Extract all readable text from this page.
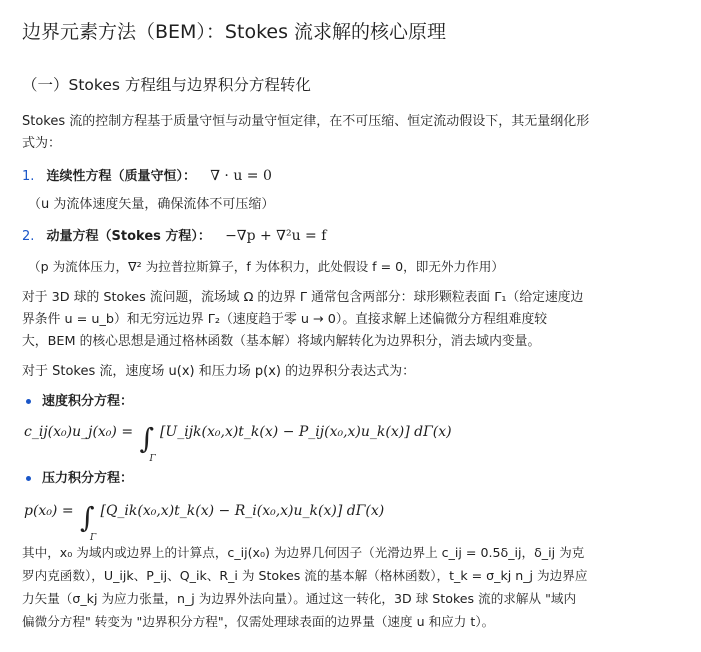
边界元素方法（BEM）：Stokes 流求解的核心原理
（一）Stokes 方程组与边界积分方程转化
Stokes 流的控制方程基于质量守恒与动量守恒定律，在不可压缩、恒定流动假设下，其无量纲化形
式为：
1. 连续性方程（质量守恒）： ∇ · u = 0
（u 为流体速度矢量，确保流体不可压缩）
2. 动量方程（Stokes 方程）： −∇p + ∇²u = f
（p 为流体压力，∇² 为拉普拉斯算子，f 为体积力，此处假设 f = 0，即无外力作用）
对于 3D 球的 Stokes 流问题，流场域 Ω 的边界 Γ 通常包含两部分：球形颗粒表面 Γ₁（给定速度边
界条件 u = u_b）和无穷远边界 Γ₂（速度趋于零 u → 0）。直接求解上述偏微分方程组难度较
大，BEM 的核心思想是通过格林函数（基本解）将域内解转化为边界积分，消去域内变量。
对于 Stokes 流，速度场 u(x) 和压力场 p(x) 的边界积分表达式为：
速度积分方程：
c_ij(x₀)u_j(x₀) = ∫
Γ
[U_ijk(x₀,x)t_k(x) − P_ij(x₀,x)u_k(x)] dΓ(x)
压力积分方程：
p(x₀) = ∫
Γ
[Q_ik(x₀,x)t_k(x) − R_i(x₀,x)u_k(x)] dΓ(x)
其中，x₀ 为域内或边界上的计算点，c_ij(x₀) 为边界几何因子（光滑边界上 c_ij = 0.5δ_ij，δ_ij 为克
罗内克函数），U_ijk、P_ij、Q_ik、R_i 为 Stokes 流的基本解（格林函数），t_k = σ_kj n_j 为边界应
力矢量（σ_kj 为应力张量，n_j 为边界外法向量）。通过这一转化，3D 球 Stokes 流的求解从 "域内
偏微分方程" 转变为 "边界积分方程"，仅需处理球表面的边界量（速度 u 和应力 t）。
